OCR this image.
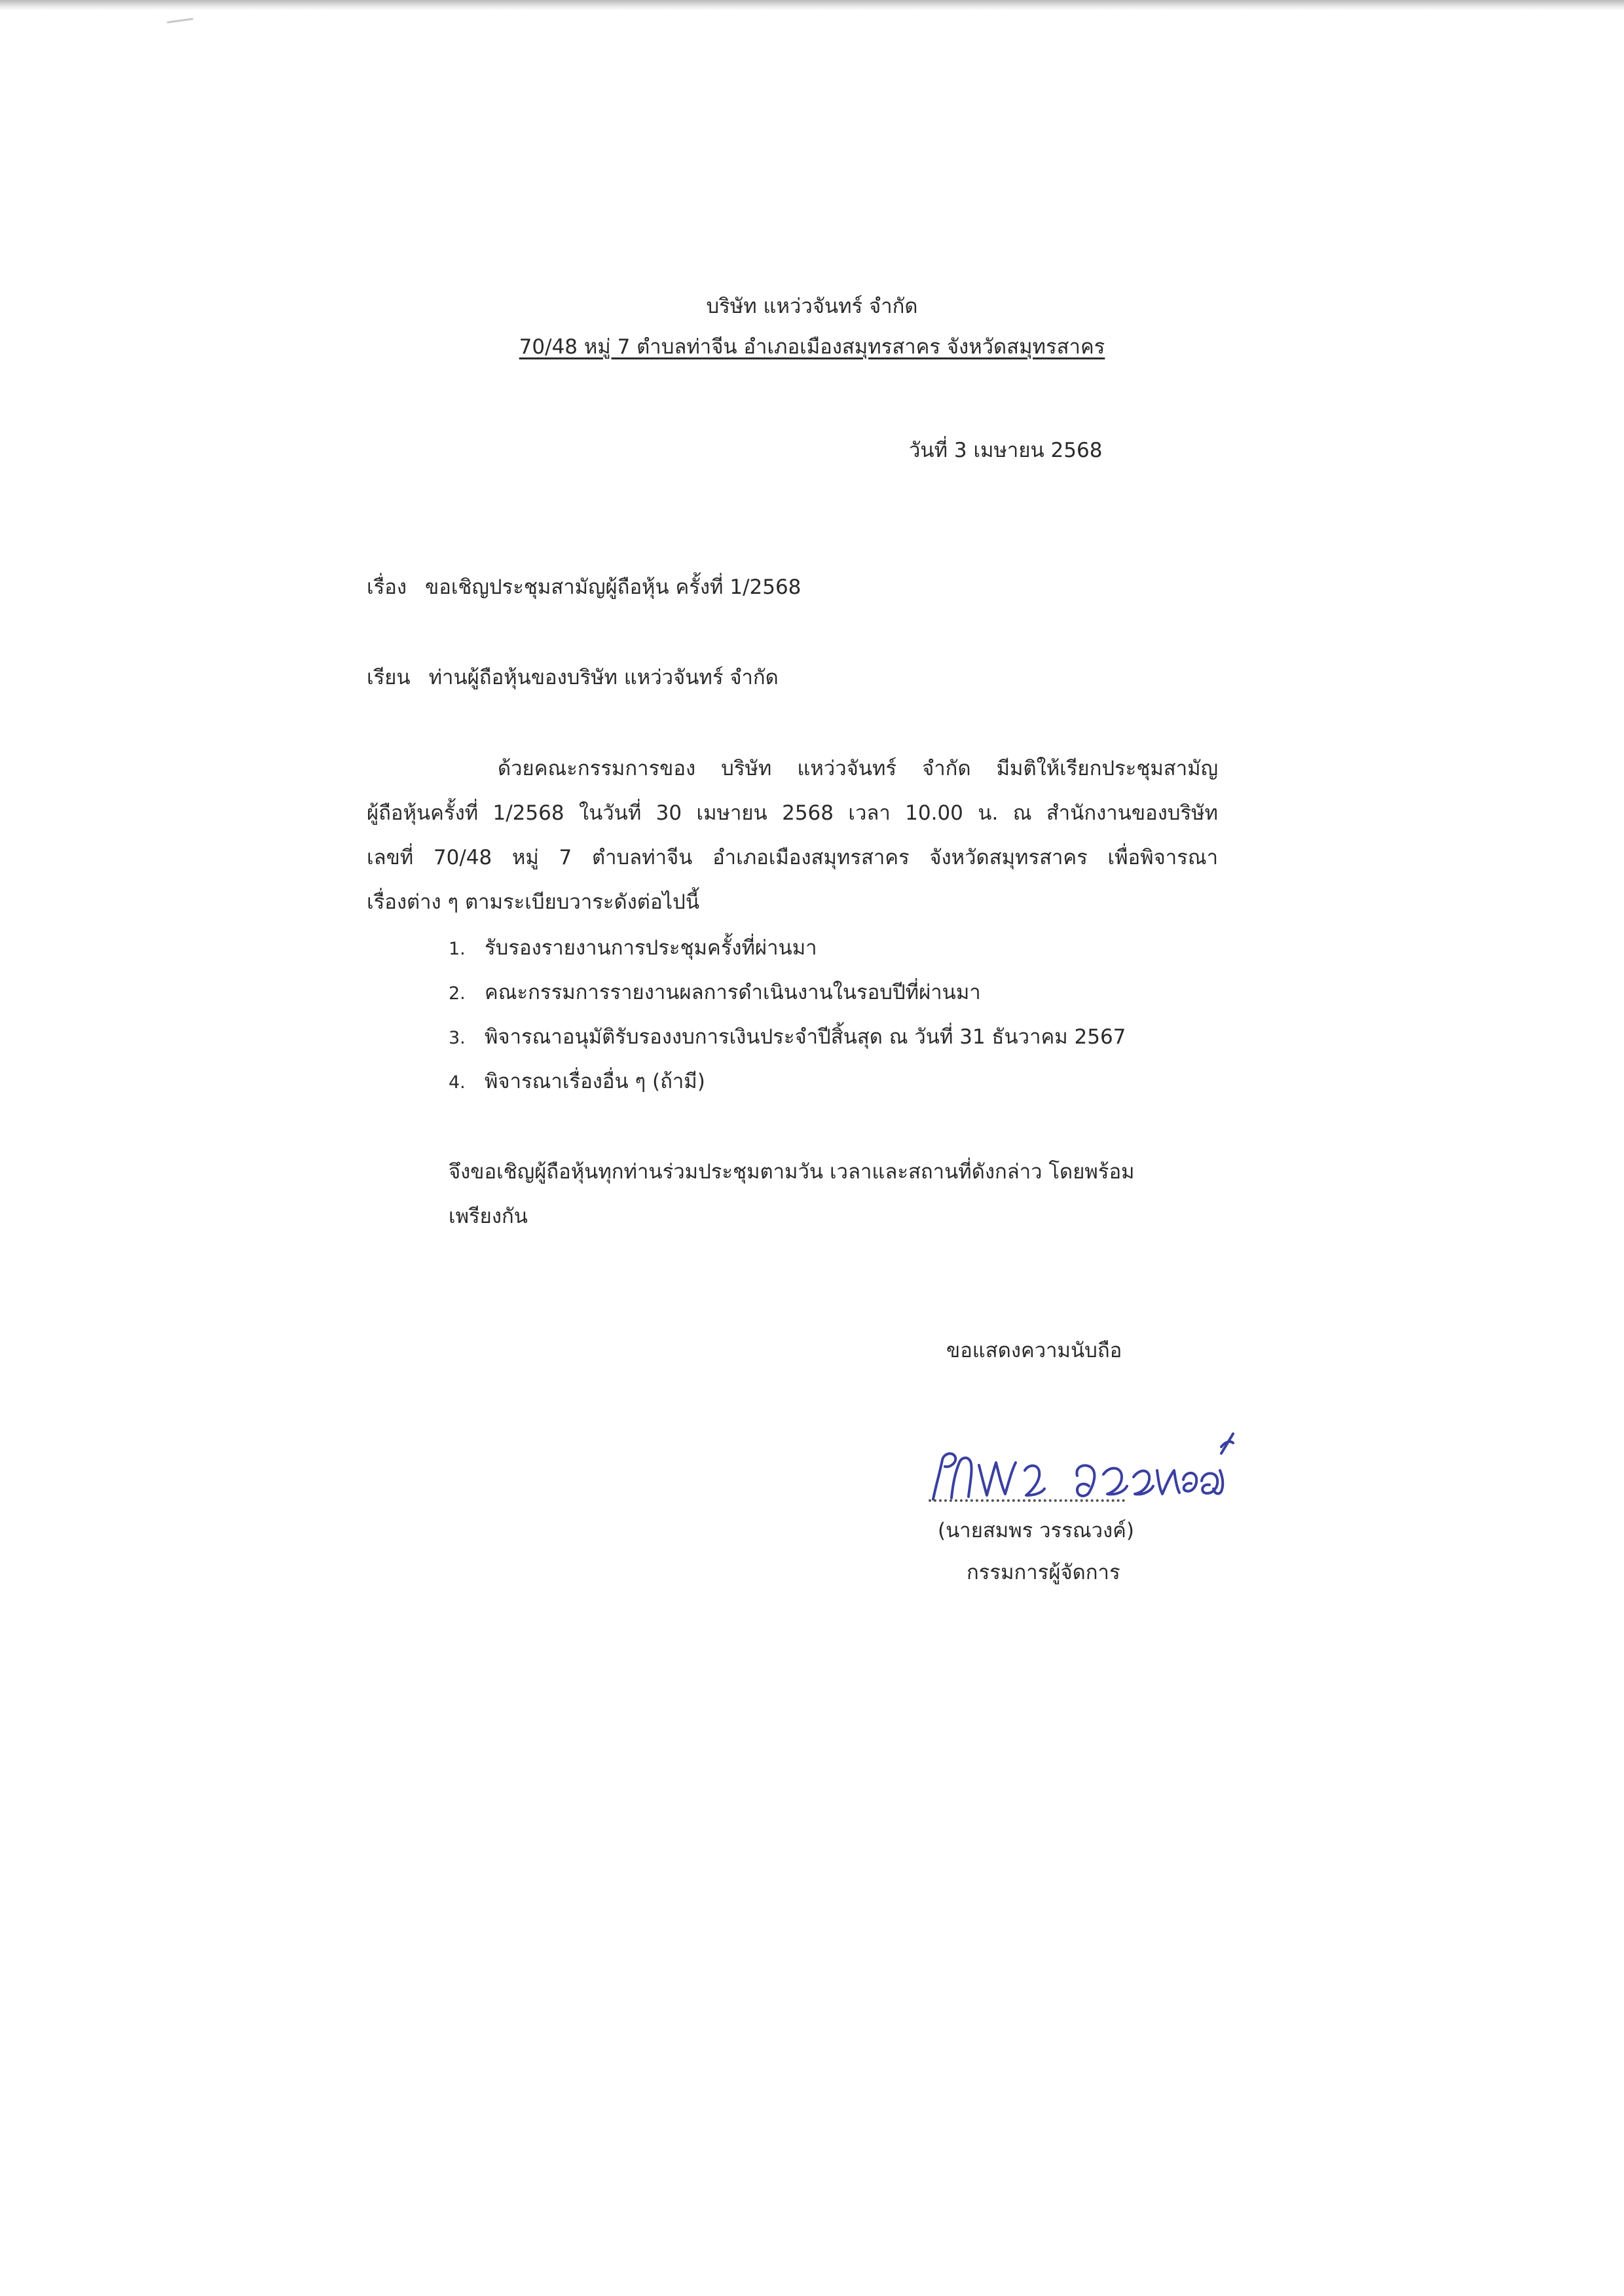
บริษัท แหว่วจันทร์ จำกัด
70/48 หมู่ 7 ตำบลท่าจีน อำเภอเมืองสมุทรสาคร จังหวัดสมุทรสาคร
วันที่ 3 เมษายน 2568
เรื่อง ขอเชิญประชุมสามัญผู้ถือหุ้น ครั้งที่ 1/2568
เรียน ท่านผู้ถือหุ้นของบริษัท แหว่วจันทร์ จำกัด
ด้วยคณะกรรมการของ บริษัท แหว่วจันทร์ จำกัด มีมติให้เรียกประชุมสามัญ
ผู้ถือหุ้นครั้งที่ 1/2568 ในวันที่ 30 เมษายน 2568 เวลา 10.00 น. ณ สำนักงานของบริษัท
เลขที่ 70/48 หมู่ 7 ตำบลท่าจีน อำเภอเมืองสมุทรสาคร จังหวัดสมุทรสาคร เพื่อพิจารณา
เรื่องต่าง ๆ ตามระเบียบวาระดังต่อไปนี้
1. รับรองรายงานการประชุมครั้งที่ผ่านมา
2. คณะกรรมการรายงานผลการดำเนินงานในรอบปีที่ผ่านมา
3. พิจารณาอนุมัติรับรองงบการเงินประจำปีสิ้นสุด ณ วันที่ 31 ธันวาคม 2567
4. พิจารณาเรื่องอื่น ๆ (ถ้ามี)
จึงขอเชิญผู้ถือหุ้นทุกท่านร่วมประชุมตามวัน เวลาและสถานที่ดังกล่าว โดยพร้อม
เพรียงกัน
ขอแสดงความนับถือ
(นายสมพร วรรณวงค์)
กรรมการผู้จัดการ
